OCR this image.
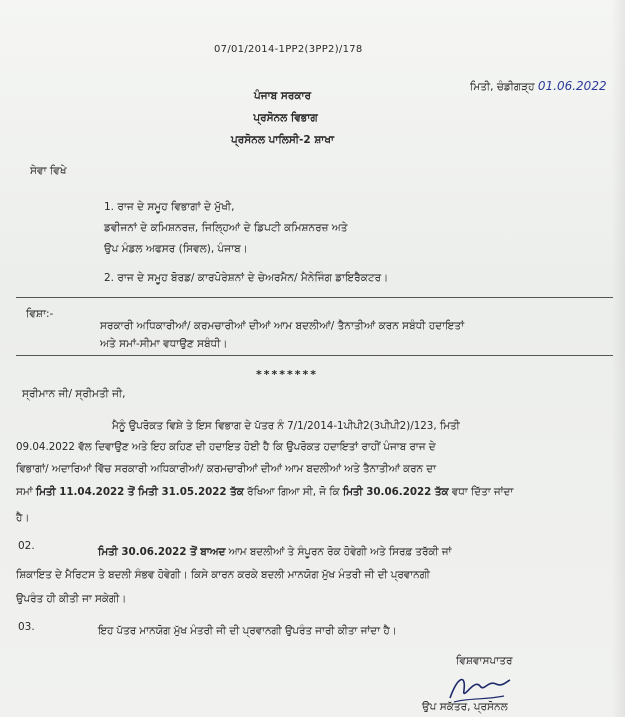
07/01/2014-1PP2(3PP2)/178
ਮਿਤੀ, ਚੰਡੀਗੜ੍ਹ 01.06.2022
ਪੰਜਾਬ ਸਰਕਾਰ
ਪ੍ਰਸੋਨਲ ਵਿਭਾਗ
ਪ੍ਰਸੋਨਲ ਪਾਲਿਸੀ-2 ਸ਼ਾਖਾ
ਸੇਵਾ ਵਿਖੇ
1. ਰਾਜ ਦੇ ਸਮੂਹ ਵਿਭਾਗਾਂ ਦੇ ਮੁੱਖੀ,
ਡਵੀਜਨਾਂ ਦੇ ਕਮਿਸ਼ਨਰਜ਼, ਜਿਲ੍ਹਿਆਂ ਦੇ ਡਿਪਟੀ ਕਮਿਸ਼ਨਰਜ਼ ਅਤੇ
ਉਪ ਮੰਡਲ ਅਫਸਰ (ਸਿਵਲ), ਪੰਜਾਬ।
2. ਰਾਜ ਦੇ ਸਮੂਹ ਬੋਰਡ/ ਕਾਰਪੋਰੇਸ਼ਨਾਂ ਦੇ ਚੇਅਰਮੈਨ/ ਮੈਨੇਜਿੰਗ ਡਾਇਰੈਕਟਰ।
ਵਿਸ਼ਾ:-
ਸਰਕਾਰੀ ਅਧਿਕਾਰੀਆਂ/ ਕਰਮਚਾਰੀਆਂ ਦੀਆਂ ਆਮ ਬਦਲੀਆਂ/ ਤੈਨਾਤੀਆਂ ਕਰਨ ਸਬੰਧੀ ਹਦਾਇਤਾਂ
ਅਤੇ ਸਮਾਂ-ਸੀਮਾ ਵਧਾਉਣ ਸਬੰਧੀ।
********
ਸ੍ਰੀਮਾਨ ਜੀ/ ਸ੍ਰੀਮਤੀ ਜੀ,
ਮੈਨੂੰ ਉਪਰੋਕਤ ਵਿਸ਼ੇ ਤੇ ਇਸ ਵਿਭਾਗ ਦੇ ਪੱਤਰ ਨੰ 7/1/2014-1ਪੀਪੀ2(3ਪੀਪੀ2)/123, ਮਿਤੀ
09.04.2022 ਵੱਲ ਦਿਵਾਉਣ ਅਤੇ ਇਹ ਕਹਿਣ ਦੀ ਹਦਾਇਤ ਹੋਈ ਹੈ ਕਿ ਉਪਰੋਕਤ ਹਦਾਇਤਾਂ ਰਾਹੀਂ ਪੰਜਾਬ ਰਾਜ ਦੇ
ਵਿਭਾਗਾਂ/ ਅਦਾਰਿਆਂ ਵਿੱਚ ਸਰਕਾਰੀ ਅਧਿਕਾਰੀਆਂ/ ਕਰਮਚਾਰੀਆਂ ਦੀਆਂ ਆਮ ਬਦਲੀਆਂ ਅਤੇ ਤੈਨਾਤੀਆਂ ਕਰਨ ਦਾ
ਸਮਾਂ ਮਿਤੀ 11.04.2022 ਤੋਂ ਮਿਤੀ 31.05.2022 ਤੱਕ ਰੱਖਿਆ ਗਿਆ ਸੀ, ਜੋ ਕਿ ਮਿਤੀ 30.06.2022 ਤੱਕ ਵਧਾ ਦਿੱਤਾ ਜਾਂਦਾ
ਹੈ।
02.	ਮਿਤੀ 30.06.2022 ਤੋਂ ਬਾਅਦ ਆਮ ਬਦਲੀਆਂ ਤੇ ਸੰਪੂਰਨ ਰੋਕ ਹੋਵੇਗੀ ਅਤੇ ਸਿਰਫ਼ ਤਰੱਕੀ ਜਾਂ
ਸ਼ਿਕਾਇਤ ਦੇ ਮੈਰਿਟਸ ਤੇ ਬਦਲੀ ਸੰਭਵ ਹੋਵੇਗੀ। ਕਿਸੇ ਕਾਰਨ ਕਰਕੇ ਬਦਲੀ ਮਾਨਯੋਗ ਮੁੱਖ ਮੰਤਰੀ ਜੀ ਦੀ ਪ੍ਰਵਾਨਗੀ
ਉਪਰੰਤ ਹੀ ਕੀਤੀ ਜਾ ਸਕੇਗੀ।
03.	ਇਹ ਪੱਤਰ ਮਾਨਯੋਗ ਮੁੱਖ ਮੰਤਰੀ ਜੀ ਦੀ ਪ੍ਰਵਾਨਗੀ ਉਪਰੰਤ ਜਾਰੀ ਕੀਤਾ ਜਾਂਦਾ ਹੈ।
ਵਿਸ਼ਵਾਸਪਾਤਰ
ਉਪ ਸਕੱਤਰ, ਪ੍ਰਸੋਨਲ
